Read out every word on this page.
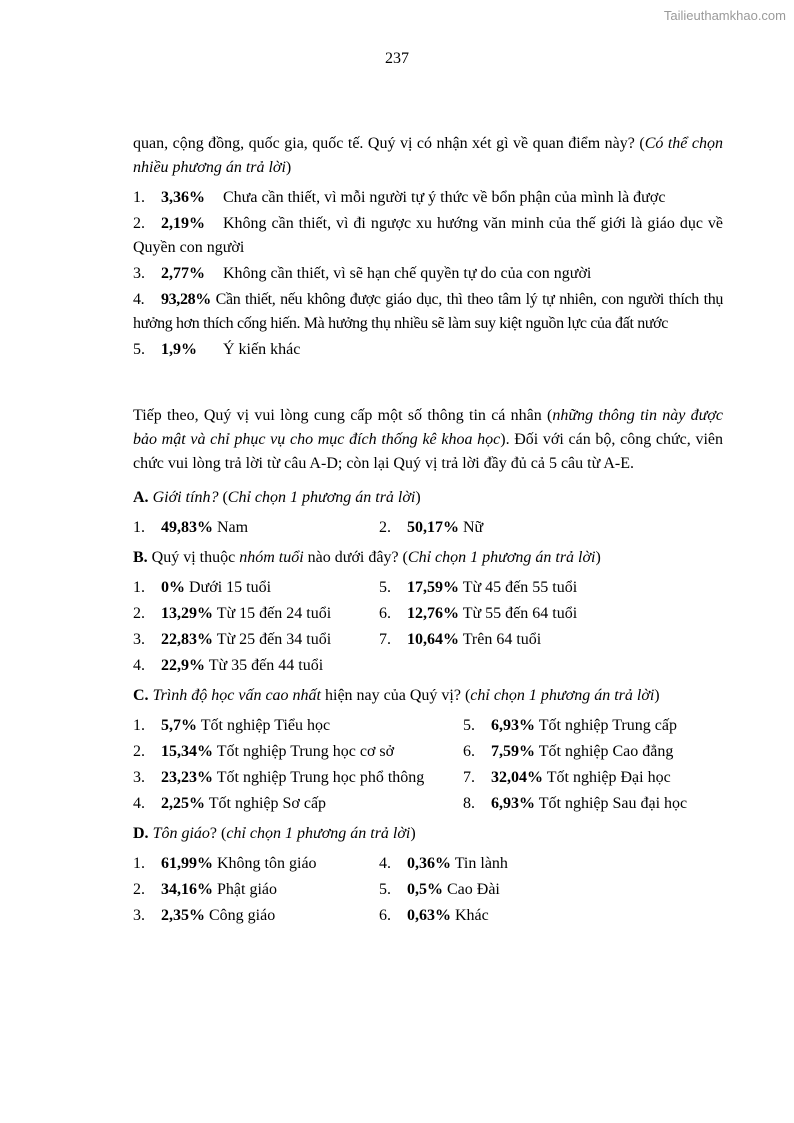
Tailieuthamkhao.com
237

quan, cộng đồng, quốc gia, quốc tế. Quý vị có nhận xét gì về quan điểm này? (Có thể chọn nhiều phương án trả lời)

1. 3,36% Chưa cần thiết, vì mỗi người tự ý thức về bổn phận của mình là được

2. 2,19% Không cần thiết, vì đi ngược xu hướng văn minh của thế giới là giáo dục về Quyền con người

3. 2,77% Không cần thiết, vì sẽ hạn chế quyền tự do của con người

4. 93,28% Cần thiết, nếu không được giáo dục, thì theo tâm lý tự nhiên, con người thích thụ hưởng hơn thích cống hiến. Mà hưởng thụ nhiều sẽ làm suy kiệt nguồn lực của đất nước

5. 1,9% Ý kiến khác

Tiếp theo, Quý vị vui lòng cung cấp một số thông tin cá nhân (những thông tin này được bảo mật và chỉ phục vụ cho mục đích thống kê khoa học). Đối với cán bộ, công chức, viên chức vui lòng trả lời từ câu A-D; còn lại Quý vị trả lời đầy đủ cả 5 câu từ A-E.

A. Giới tính? (Chỉ chọn 1 phương án trả lời)

1. 49,83% Nam	2. 50,17% Nữ

B. Quý vị thuộc nhóm tuổi nào dưới đây? (Chỉ chọn 1 phương án trả lời)

1. 0% Dưới 15 tuổi	5. 17,59% Từ 45 đến 55 tuổi
2. 13,29% Từ 15 đến 24 tuổi	6. 12,76% Từ 55 đến 64 tuổi
3. 22,83% Từ 25 đến 34 tuổi	7. 10,64% Trên 64 tuổi
4. 22,9% Từ 35 đến 44 tuổi

C. Trình độ học vấn cao nhất hiện nay của Quý vị? (chỉ chọn 1 phương án trả lời)

1. 5,7% Tốt nghiệp Tiểu học	5. 6,93% Tốt nghiệp Trung cấp
2. 15,34% Tốt nghiệp Trung học cơ sở	6. 7,59% Tốt nghiệp Cao đẳng
3. 23,23% Tốt nghiệp Trung học phổ thông	7. 32,04% Tốt nghiệp Đại học
4. 2,25% Tốt nghiệp Sơ cấp	8. 6,93% Tốt nghiệp Sau đại học

D. Tôn giáo? (chỉ chọn 1 phương án trả lời)

1. 61,99% Không tôn giáo	4. 0,36% Tin lành
2. 34,16% Phật giáo	5. 0,5% Cao Đài
3. 2,35% Công giáo	6. 0,63% Khác
